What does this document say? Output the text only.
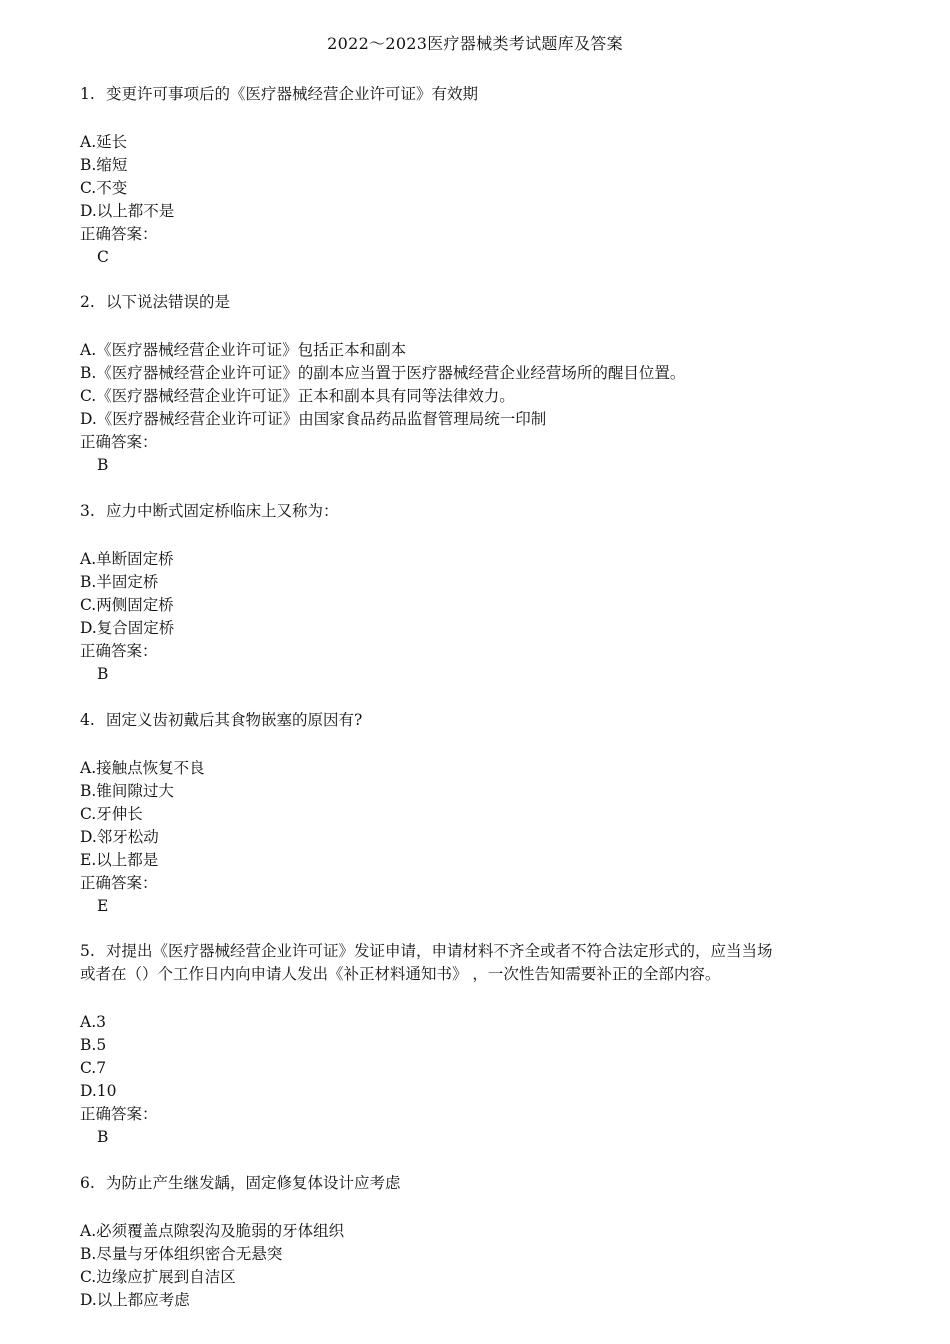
2022～2023医疗器械类考试题库及答案

1. 变更许可事项后的《医疗器械经营企业许可证》有效期

A.延长
B.缩短
C.不变
D.以上都不是
正确答案：
C

2. 以下说法错误的是

A.《医疗器械经营企业许可证》包括正本和副本
B.《医疗器械经营企业许可证》的副本应当置于医疗器械经营企业经营场所的醒目位置。
C.《医疗器械经营企业许可证》正本和副本具有同等法律效力。
D.《医疗器械经营企业许可证》由国家食品药品监督管理局统一印制
正确答案：
B

3. 应力中断式固定桥临床上又称为：

A.单断固定桥
B.半固定桥
C.两侧固定桥
D.复合固定桥
正确答案：
B

4. 固定义齿初戴后其食物嵌塞的原因有?

A.接触点恢复不良
B.锥间隙过大
C.牙伸长
D.邻牙松动
E.以上都是
正确答案：
E

5. 对提出《医疗器械经营企业许可证》发证申请，申请材料不齐全或者不符合法定形式的，应当当场
或者在（）个工作日内向申请人发出《补正材料通知书》 ，一次性告知需要补正的全部内容。

A.3
B.5
C.7
D.10
正确答案：
B

6. 为防止产生继发龋，固定修复体设计应考虑

A.必须覆盖点隙裂沟及脆弱的牙体组织
B.尽量与牙体组织密合无悬突
C.边缘应扩展到自洁区
D.以上都应考虑
